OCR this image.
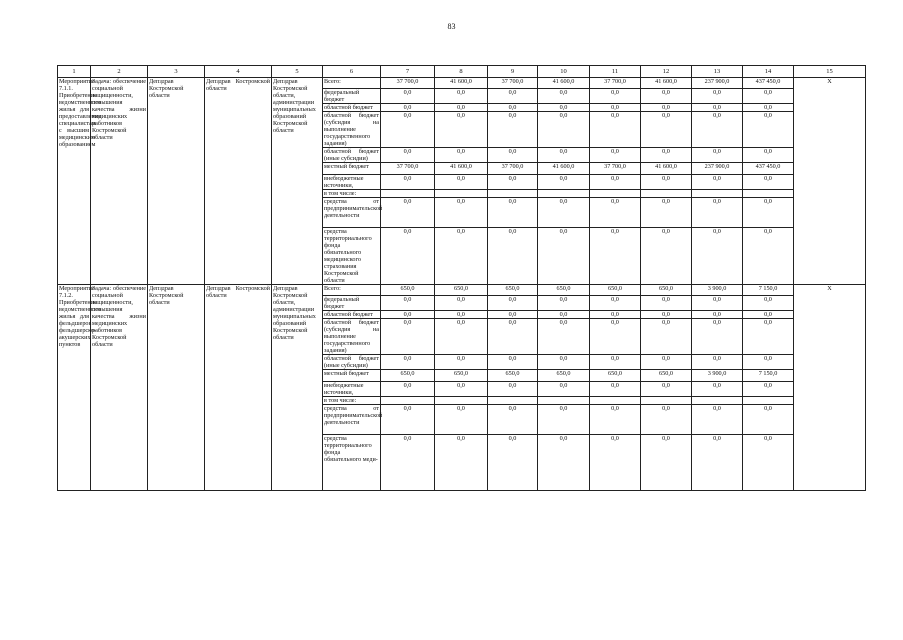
83
1	2	3	4	5	6	7	8	9	10	11	12	13	14	15
Мероприятие 7.1.1. Приобретение ведомственного жилья для предоставления специалистам с высшим медицинским образованием	Задача: обеспечение социальной защищенности, повышения качества жизни медицинских работников Костромской области	Депздрав Костромской области	Депздрав Костромской области	Депздрав Костромской области, администрации муниципальных образований Костромской области	Всего:	37 700,0	41 600,0	37 700,0	41 600,0	37 700,0	41 600,0	237 900,0	437 450,0	X
					федеральный бюджет	0,0	0,0	0,0	0,0	0,0	0,0	0,0	0,0	
					областной бюджет	0,0	0,0	0,0	0,0	0,0	0,0	0,0	0,0	
					областной бюджет (субсидия на выполнение государственного задания)	0,0	0,0	0,0	0,0	0,0	0,0	0,0	0,0	
					областной бюджет (иные субсидии)	0,0	0,0	0,0	0,0	0,0	0,0	0,0	0,0	
					местный бюджет	37 700,0	41 600,0	37 700,0	41 600,0	37 700,0	41 600,0	237 900,0	437 450,0	
					внебюджетные источники,	0,0	0,0	0,0	0,0	0,0	0,0	0,0	0,0	
					в том числе:									
					средства от предпринимательской деятельности	0,0	0,0	0,0	0,0	0,0	0,0	0,0	0,0	
					средства территориального фонда обязательного медицинского страхования Костромской области	0,0	0,0	0,0	0,0	0,0	0,0	0,0	0,0	
Мероприятие 7.1.2. Приобретение ведомственного жилья для фельдшеров фельдшерско-акушерских пунктов	Задача: обеспечение социальной защищенности, повышения качества жизни медицинских работников Костромской области	Депздрав Костромской области	Депздрав Костромской области	Депздрав Костромской области, администрации муниципальных образований Костромской области	Всего:	650,0	650,0	650,0	650,0	650,0	650,0	3 900,0	7 150,0	X
					федеральный бюджет	0,0	0,0	0,0	0,0	0,0	0,0	0,0	0,0	
					областной бюджет	0,0	0,0	0,0	0,0	0,0	0,0	0,0	0,0	
					областной бюджет (субсидия на выполнение государственного задания)	0,0	0,0	0,0	0,0	0,0	0,0	0,0	0,0	
					областной бюджет (иные субсидии)	0,0	0,0	0,0	0,0	0,0	0,0	0,0	0,0	
					местный бюджет	650,0	650,0	650,0	650,0	650,0	650,0	3 900,0	7 150,0	
					внебюджетные источники,	0,0	0,0	0,0	0,0	0,0	0,0	0,0	0,0	
					в том числе:									
					средства от предпринимательской деятельности	0,0	0,0	0,0	0,0	0,0	0,0	0,0	0,0	
					средства территориального фонда обязательного меди-	0,0	0,0	0,0	0,0	0,0	0,0	0,0	0,0	
